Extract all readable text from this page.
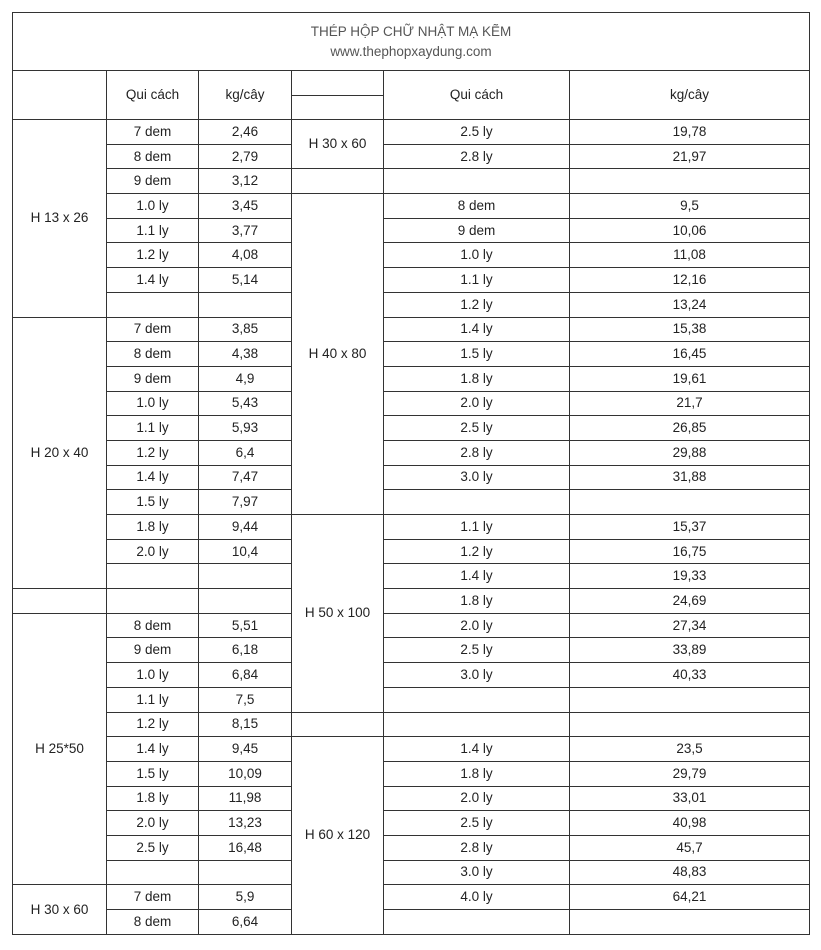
THÉP HỘP CHỮ NHẬT MẠ KẼM
www.thephopxaydung.com					

	Qui cách	kg/cây		Qui cách	kg/cây
H 13 x 26	7 dem	2,46	H 30 x 60	2.5 ly	19,78
	8 dem	2,79		2.8 ly	21,97
	9 dem	3,12			
	1.0 ly	3,45	H 40 x 80	8 dem	9,5
	1.1 ly	3,77		9 dem	10,06
	1.2 ly	4,08		1.0 ly	11,08
	1.4 ly	5,14		1.1 ly	12,16
				1.2 ly	13,24
H 20 x 40	7 dem	3,85		1.4 ly	15,38
	8 dem	4,38		1.5 ly	16,45
	9 dem	4,9		1.8 ly	19,61
	1.0 ly	5,43		2.0 ly	21,7
	1.1 ly	5,93		2.5 ly	26,85
	1.2 ly	6,4		2.8 ly	29,88
	1.4 ly	7,47		3.0 ly	31,88
	1.5 ly	7,97			
	1.8 ly	9,44	H 50 x 100	1.1 ly	15,37
	2.0 ly	10,4		1.2 ly	16,75
				1.4 ly	19,33
				1.8 ly	24,69
H 25*50	8 dem	5,51		2.0 ly	27,34
	9 dem	6,18		2.5 ly	33,89
	1.0 ly	6,84		3.0 ly	40,33
	1.1 ly	7,5			
	1.2 ly	8,15			
	1.4 ly	9,45	H 60 x 120	1.4 ly	23,5
	1.5 ly	10,09		1.8 ly	29,79
	1.8 ly	11,98		2.0 ly	33,01
	2.0 ly	13,23		2.5 ly	40,98
	2.5 ly	16,48		2.8 ly	45,7
				3.0 ly	48,83
H 30 x 60	7 dem	5,9		4.0 ly	64,21
	8 dem	6,64			
